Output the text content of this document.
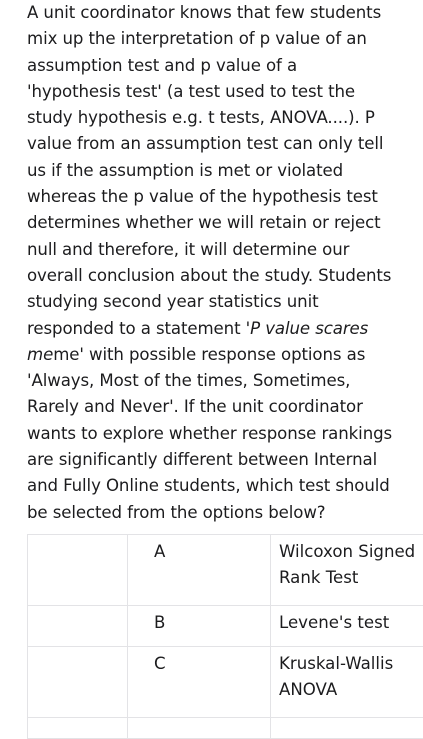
A unit coordinator knows that few students
mix up the interpretation of p value of an
assumption test and p value of a
'hypothesis test' (a test used to test the
study hypothesis e.g. t tests, ANOVA....). P
value from an assumption test can only tell
us if the assumption is met or violated
whereas the p value of the hypothesis test
determines whether we will retain or reject
null and therefore, it will determine our
overall conclusion about the study. Students
studying second year statistics unit
responded to a statement 'P value scares
meme' with possible response options as
'Always, Most of the times, Sometimes,
Rarely and Never'. If the unit coordinator
wants to explore whether response rankings
are significantly different between Internal
and Fully Online students, which test should
be selected from the options below?
	A	Wilcoxon Signed
Rank Test

	B	Levene's test

	C	Kruskal-Wallis
ANOVA
